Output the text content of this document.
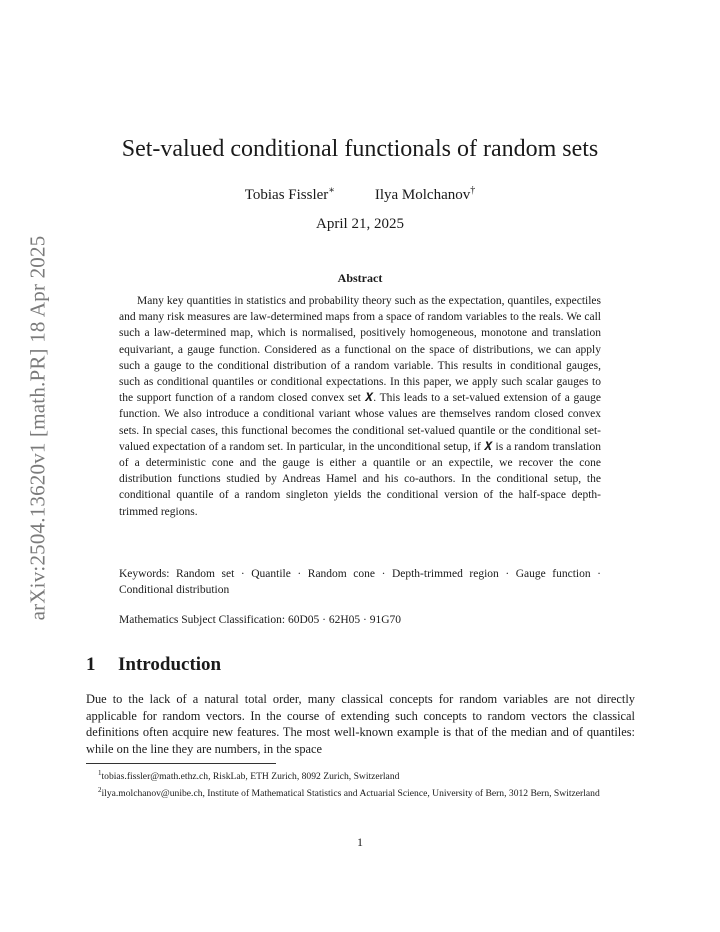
arXiv:2504.13620v1 [math.PR] 18 Apr 2025
Set-valued conditional functionals of random sets
Tobias Fissler∗	Ilya Molchanov†
April 21, 2025
Abstract

Many key quantities in statistics and probability theory such as the expectation, quantiles, expectiles and many risk measures are law-determined maps from a space of random variables to the reals. We call such a law-determined map, which is normalised, positively homogeneous, monotone and translation equivariant, a gauge function. Considered as a functional on the space of distributions, we can apply such a gauge to the conditional distribution of a random variable. This results in conditional gauges, such as conditional quantiles or conditional expectations. In this paper, we apply such scalar gauges to the support function of a random closed convex set 𝑿. This leads to a set-valued extension of a gauge function. We also introduce a conditional variant whose values are themselves random closed convex sets. In special cases, this functional becomes the conditional set-valued quantile or the conditional set-valued expectation of a random set. In particular, in the unconditional setup, if 𝑿 is a random translation of a deterministic cone and the gauge is either a quantile or an expectile, we recover the cone distribution functions studied by Andreas Hamel and his co-authors. In the conditional setup, the conditional quantile of a random singleton yields the conditional version of the half-space depth-trimmed regions.

Keywords: Random set · Quantile · Random cone · Depth-trimmed region · Gauge function · Conditional distribution
Mathematics Subject Classification: 60D05 · 62H05 · 91G70
1 Introduction

Due to the lack of a natural total order, many classical concepts for random variables are not directly applicable for random vectors. In the course of extending such concepts to random vectors the classical definitions often acquire new features. The most well-known example is that of the median and of quantiles: while on the line they are numbers, in the space

$^1$tobias.fissler@math.ethz.ch, RiskLab, ETH Zurich, 8092 Zurich, Switzerland

$^2$ilya.molchanov@unibe.ch, Institute of Mathematical Statistics and Actuarial Science, University of Bern, 3012 Bern, Switzerland

1
